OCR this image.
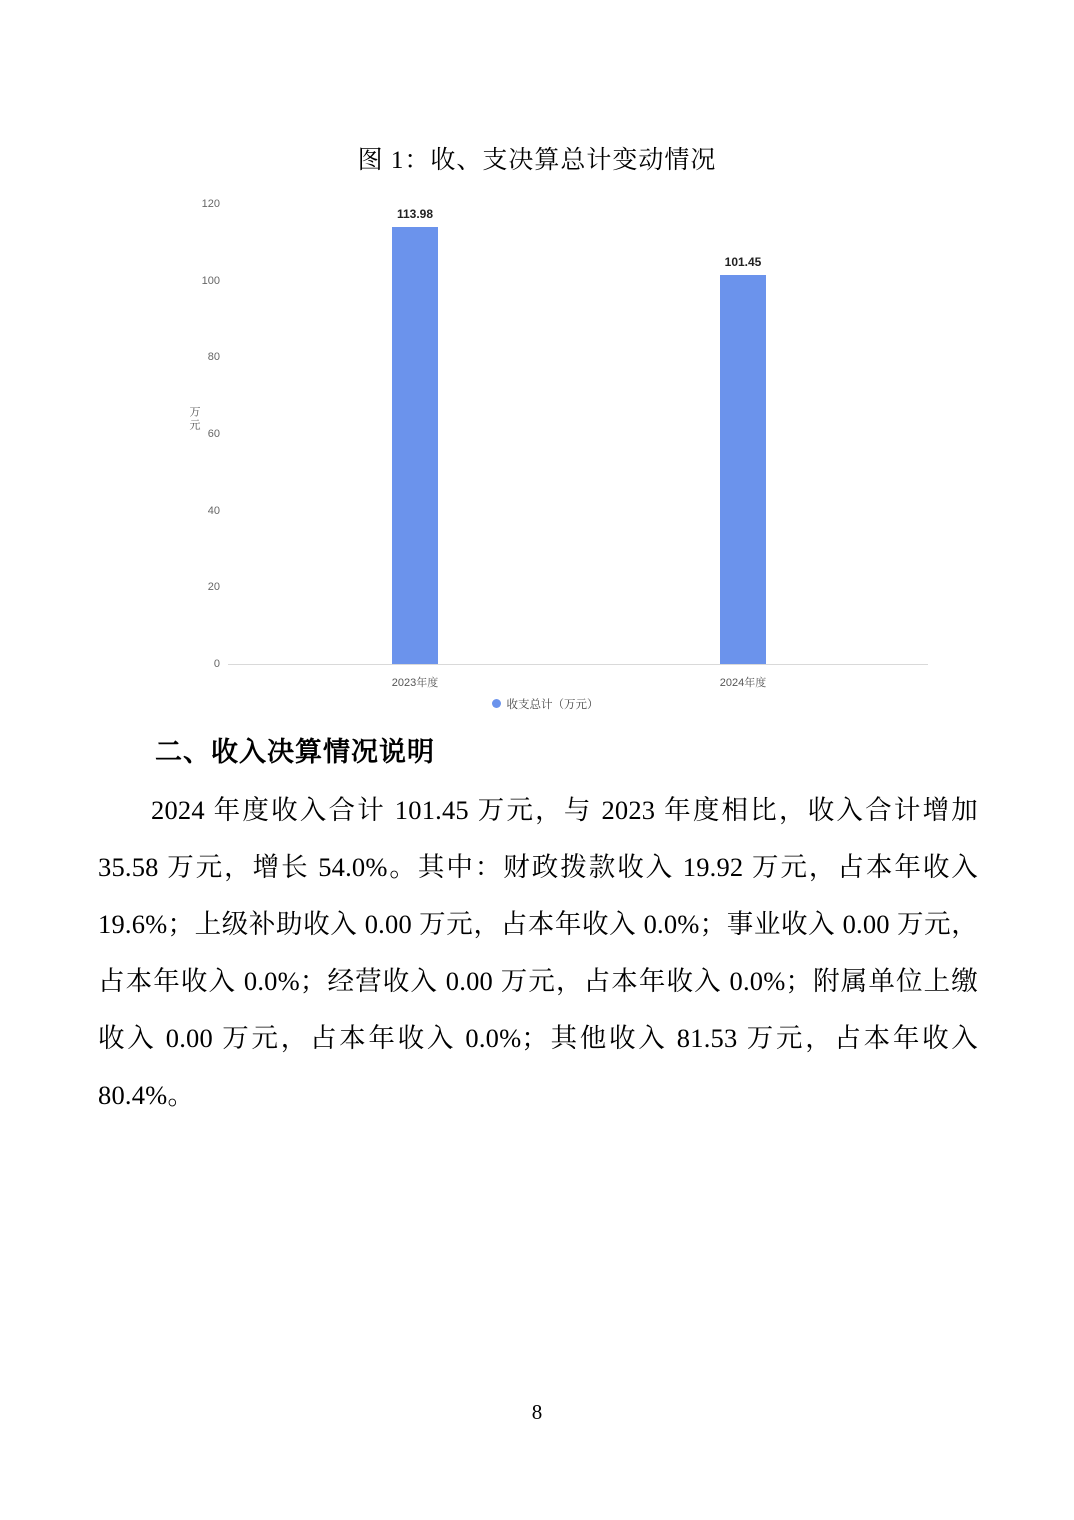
图 1：收、支决算总计变动情况
万元
0
20
40
60
80
100
120
113.98
101.45
2023年度	2024年度
收支总计（万元）
二、收入决算情况说明
2024 年度收入合计 101.45 万元，与 2023 年度相比，收入合计增加 35.58 万元，增长 54.0%。其中：财政拨款收入 19.92 万元，占本年收入 19.6%；上级补助收入 0.00 万元，占本年收入 0.0%；事业收入 0.00 万元，占本年收入 0.0%；经营收入 0.00 万元，占本年收入 0.0%；附属单位上缴收入 0.00 万元，占本年收入 0.0%；其他收入 81.53 万元，占本年收入 80.4%。
8
